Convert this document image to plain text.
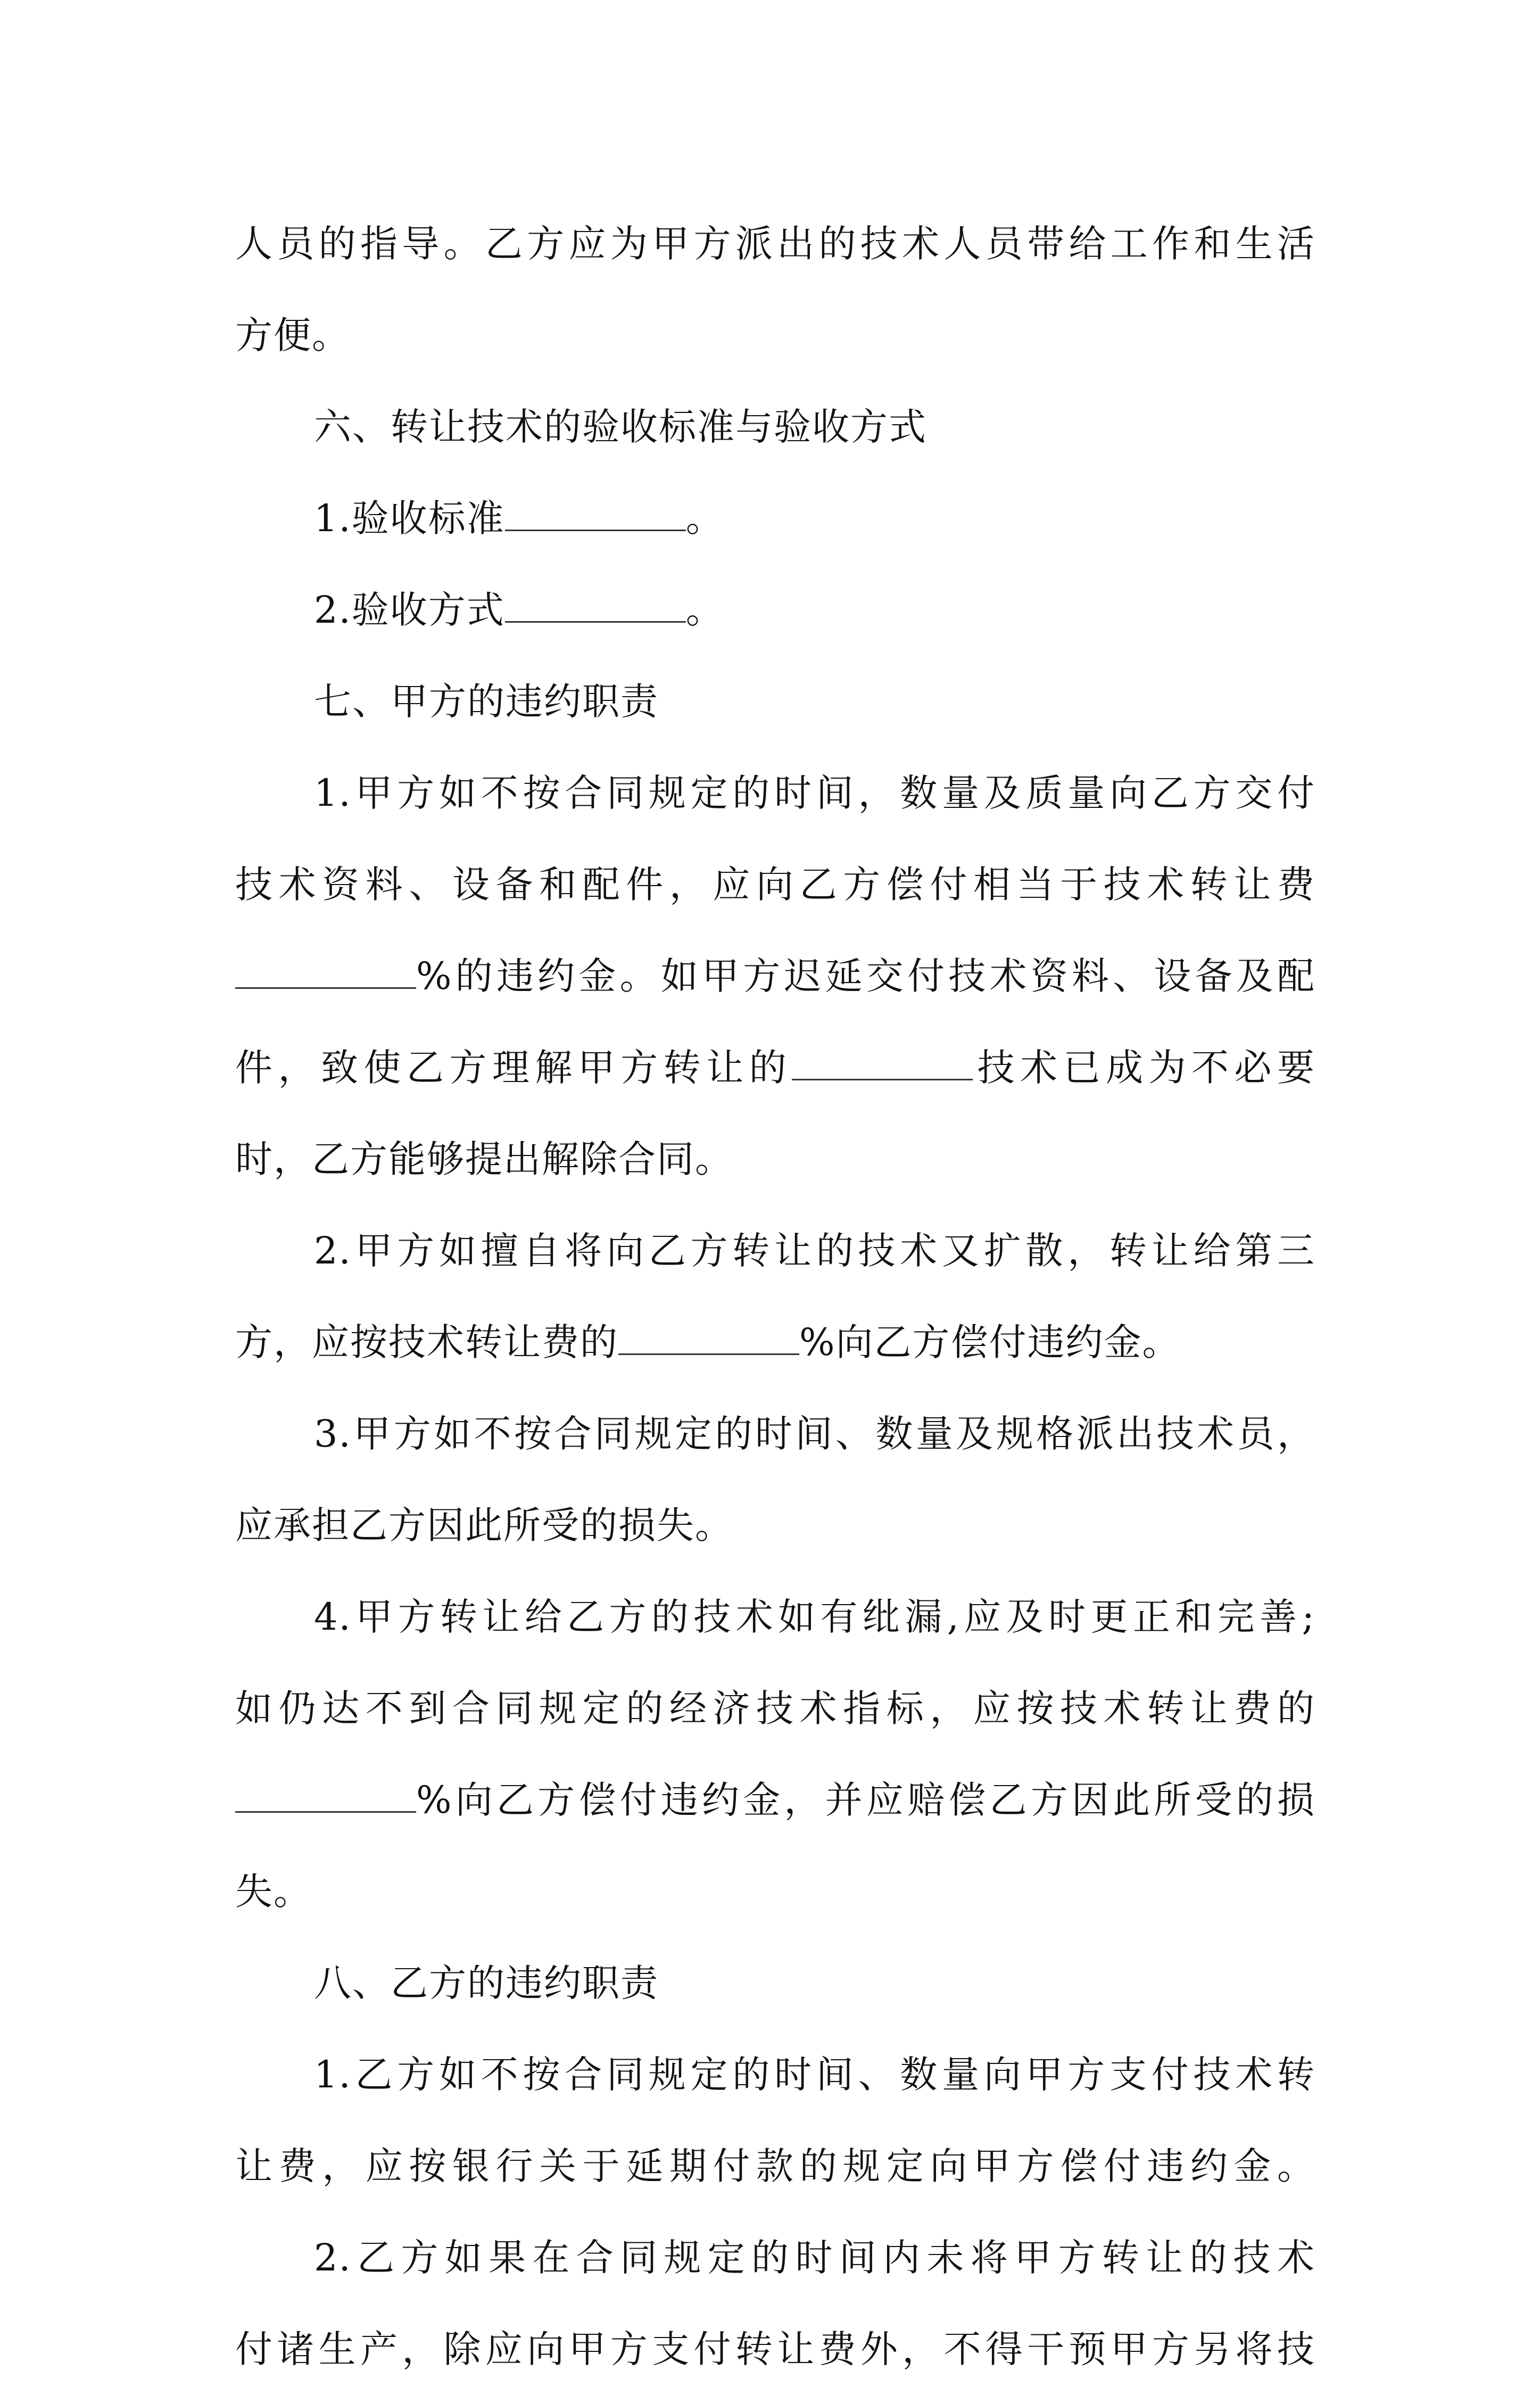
人员的指导。乙方应为甲方派出的技术人员带给工作和生活
方便。
六、转让技术的验收标准与验收方式
1.验收标准	。
2.验收方式	。
七、甲方的违约职责
1.甲方如不按合同规定的时间，数量及质量向乙方交付
技术资料、设备和配件，应向乙方偿付相当于技术转让费
%的违约金。如甲方迟延交付技术资料、设备及配
件，致使乙方理解甲方转让的	技术已成为不必要
时，乙方能够提出解除合同。
2.甲方如擅自将向乙方转让的技术又扩散，转让给第三
方，应按技术转让费的	%向乙方偿付违约金。
3.甲方如不按合同规定的时间、数量及规格派出技术员，
应承担乙方因此所受的损失。
4.甲方转让给乙方的技术如有纰漏,应及时更正和完善;
如仍达不到合同规定的经济技术指标，应按技术转让费的
%向乙方偿付违约金，并应赔偿乙方因此所受的损
失。
八、乙方的违约职责
1.乙方如不按合同规定的时间、数量向甲方支付技术转
让费，应按银行关于延期付款的规定向甲方偿付违约金。
2.乙方如果在合同规定的时间内未将甲方转让的技术
付诸生产，除应向甲方支付转让费外，不得干预甲方另将技
